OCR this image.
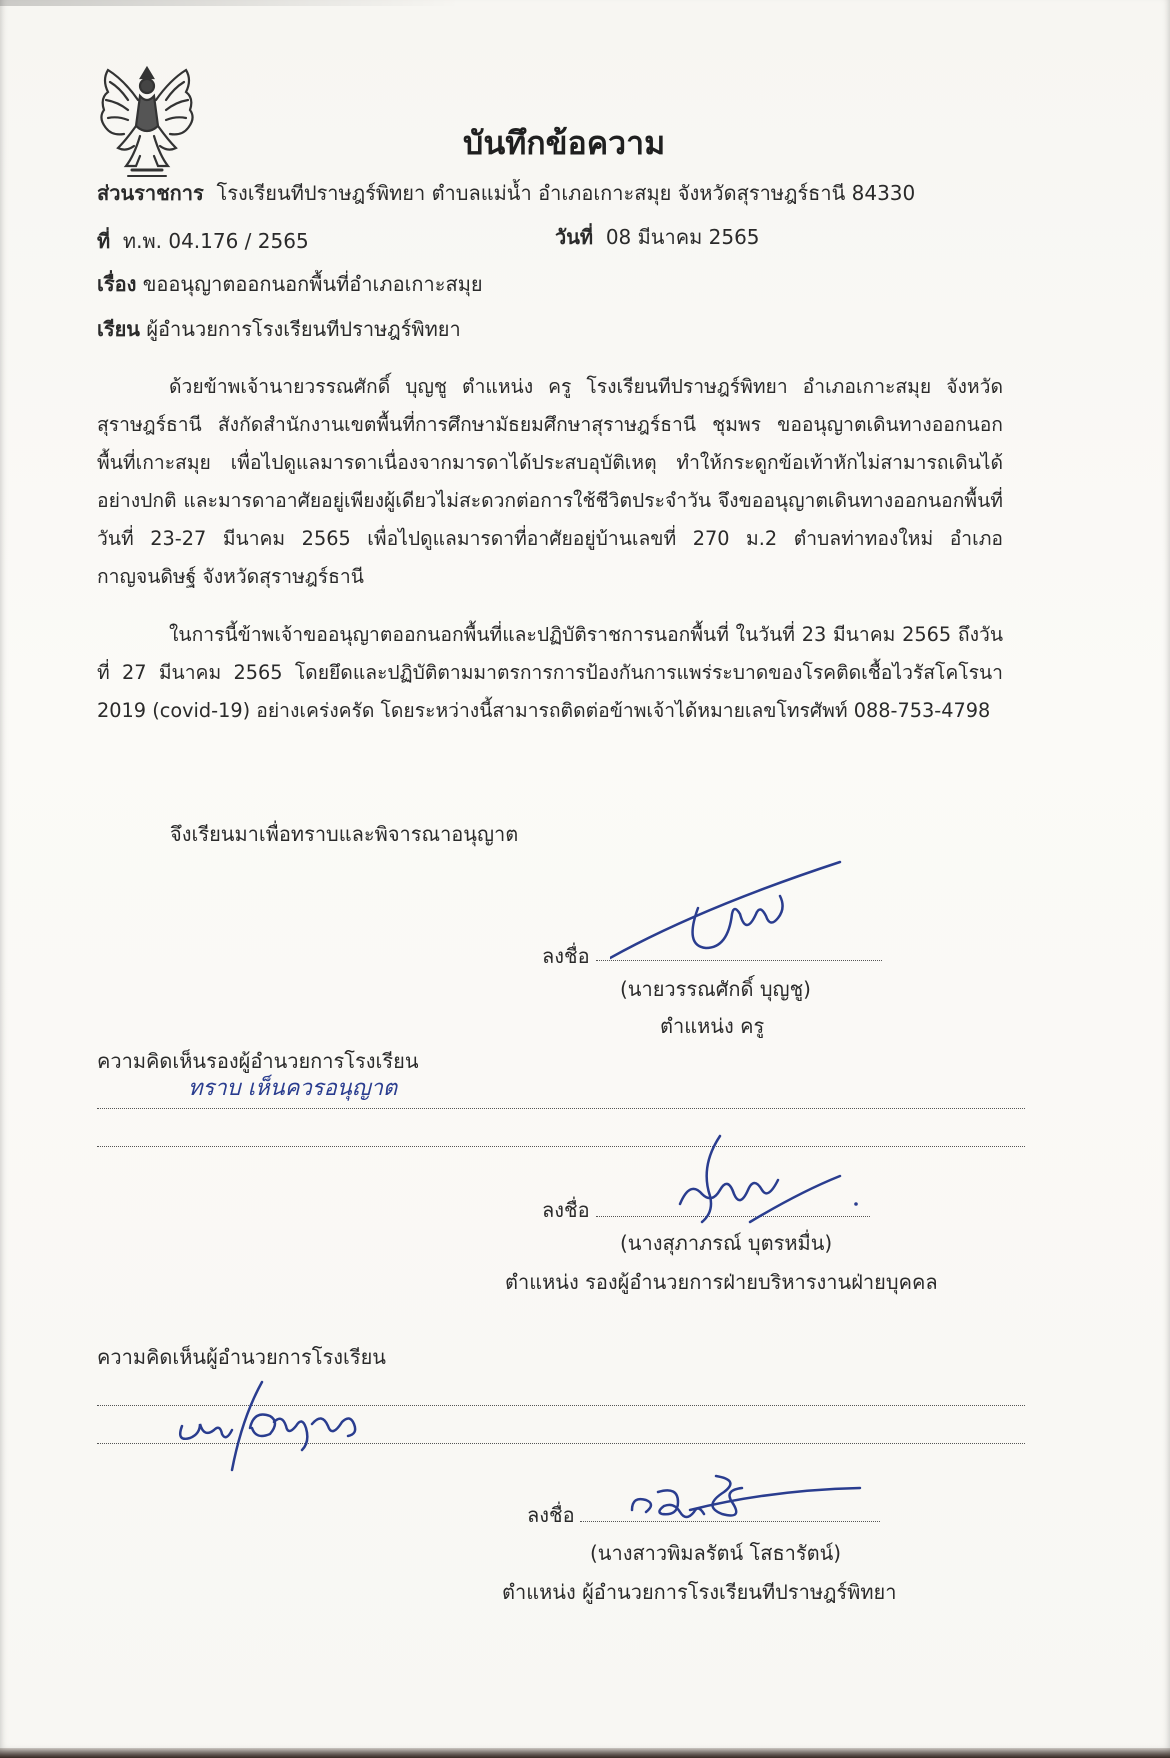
บันทึกข้อความ
ส่วนราชการ โรงเรียนทีปราษฎร์พิทยา ตำบลแม่น้ำ อำเภอเกาะสมุย จังหวัดสุราษฎร์ธานี 84330
ที่ ท.พ. 04.176 / 2565	วันที่ 08 มีนาคม 2565
เรื่อง ขออนุญาตออกนอกพื้นที่อำเภอเกาะสมุย
เรียน ผู้อำนวยการโรงเรียนทีปราษฎร์พิทยา
ด้วยข้าพเจ้านายวรรณศักดิ์ บุญชู ตำแหน่ง ครู โรงเรียนทีปราษฎร์พิทยา อำเภอเกาะสมุย จังหวัดสุราษฎร์ธานี สังกัดสำนักงานเขตพื้นที่การศึกษามัธยมศึกษาสุราษฎร์ธานี ชุมพร ขออนุญาตเดินทางออกนอกพื้นที่เกาะสมุย เพื่อไปดูแลมารดาเนื่องจากมารดาได้ประสบอุบัติเหตุ ทำให้กระดูกข้อเท้าหักไม่สามารถเดินได้อย่างปกติ และมารดาอาศัยอยู่เพียงผู้เดียวไม่สะดวกต่อการใช้ชีวิตประจำวัน จึงขออนุญาตเดินทางออกนอกพื้นที่ วันที่ 23-27 มีนาคม 2565 เพื่อไปดูแลมารดาที่อาศัยอยู่บ้านเลขที่ 270 ม.2 ตำบลท่าทองใหม่ อำเภอกาญจนดิษฐ์ จังหวัดสุราษฎร์ธานี
ในการนี้ข้าพเจ้าขออนุญาตออกนอกพื้นที่และปฏิบัติราชการนอกพื้นที่ ในวันที่ 23 มีนาคม 2565 ถึงวันที่ 27 มีนาคม 2565 โดยยึดและปฏิบัติตามมาตรการการป้องกันการแพร่ระบาดของโรคติดเชื้อไวรัสโคโรนา 2019 (covid-19) อย่างเคร่งครัด โดยระหว่างนี้สามารถติดต่อข้าพเจ้าได้หมายเลขโทรศัพท์ 088-753-4798
จึงเรียนมาเพื่อทราบและพิจารณาอนุญาต
ลงชื่อ
(นายวรรณศักดิ์ บุญชู)
ตำแหน่ง ครู
ความคิดเห็นรองผู้อำนวยการโรงเรียน
ทราบ เห็นควรอนุญาต
ลงชื่อ
(นางสุภาภรณ์ บุตรหมื่น)
ตำแหน่ง รองผู้อำนวยการฝ่ายบริหารงานฝ่ายบุคคล
ความคิดเห็นผู้อำนวยการโรงเรียน
ลงชื่อ
(นางสาวพิมลรัตน์ โสธารัตน์)
ตำแหน่ง ผู้อำนวยการโรงเรียนทีปราษฎร์พิทยา
